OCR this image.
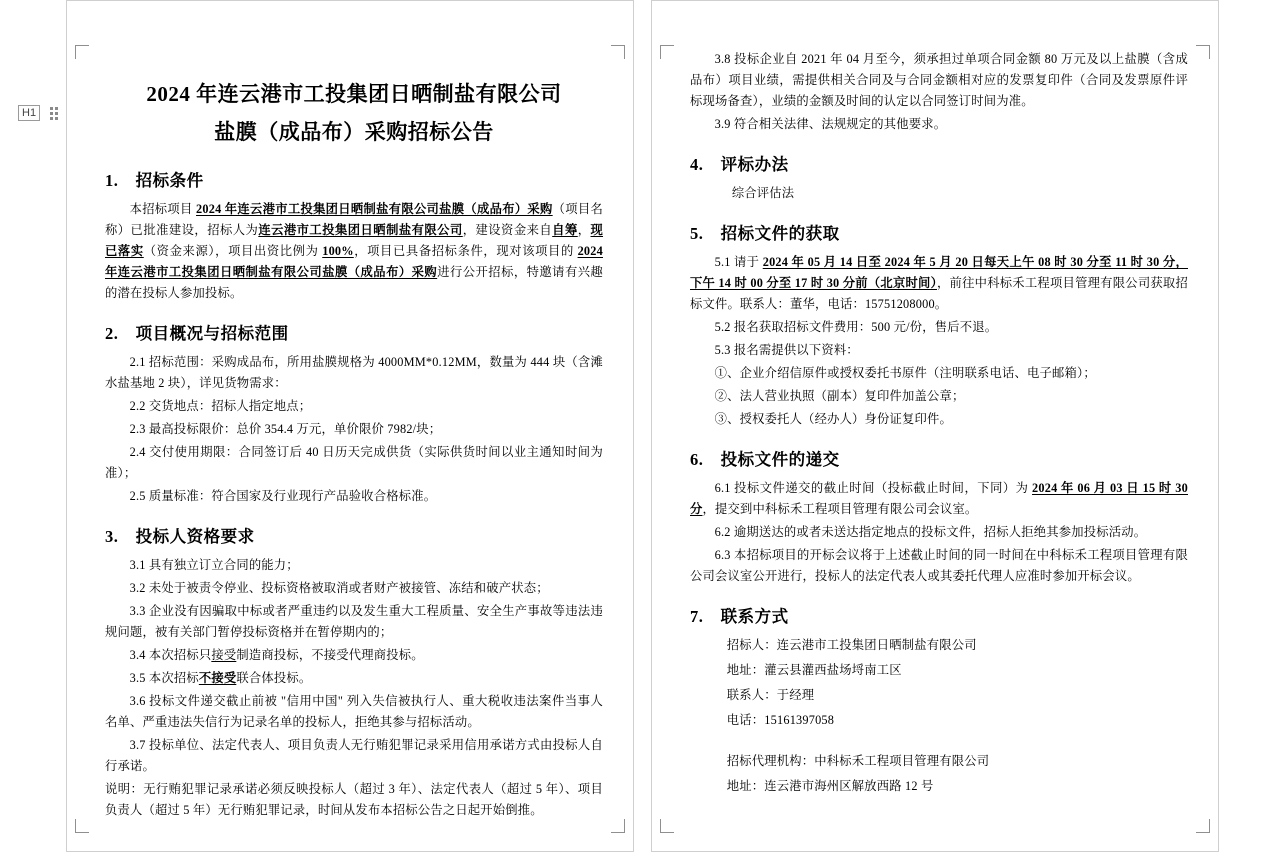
H1
2024 年连云港市工投集团日晒制盐有限公司
盐膜（成品布）采购招标公告
1. 招标条件

本招标项目 2024 年连云港市工投集团日晒制盐有限公司盐膜（成品布）采购（项目名称）已批准建设，招标人为连云港市工投集团日晒制盐有限公司，建设资金来自自筹，现已落实（资金来源），项目出资比例为 100%，项目已具备招标条件，现对该项目的 2024 年连云港市工投集团日晒制盐有限公司盐膜（成品布）采购进行公开招标，特邀请有兴趣的潜在投标人参加投标。

2. 项目概况与招标范围

2.1 招标范围：采购成品布，所用盐膜规格为 4000MM*0.12MM，数量为 444 块（含滩水盐基地 2 块），详见货物需求：

2.2 交货地点：招标人指定地点；

2.3 最高投标限价：总价 354.4 万元，单价限价 7982/块；

2.4 交付使用期限：合同签订后 40 日历天完成供货（实际供货时间以业主通知时间为准）；

2.5 质量标准：符合国家及行业现行产品验收合格标准。

3. 投标人资格要求

3.1 具有独立订立合同的能力；

3.2 未处于被责令停业、投标资格被取消或者财产被接管、冻结和破产状态；

3.3 企业没有因骗取中标或者严重违约以及发生重大工程质量、安全生产事故等违法违规问题，被有关部门暂停投标资格并在暂停期内的；

3.4 本次招标只接受制造商投标，不接受代理商投标。

3.5 本次招标不接受联合体投标。

3.6 投标文件递交截止前被 "信用中国" 列入失信被执行人、重大税收违法案件当事人名单、严重违法失信行为记录名单的投标人，拒绝其参与招标活动。

3.7 投标单位、法定代表人、项目负责人无行贿犯罪记录采用信用承诺方式由投标人自行承诺。

说明：无行贿犯罪记录承诺必须反映投标人（超过 3 年）、法定代表人（超过 5 年）、项目负责人（超过 5 年）无行贿犯罪记录，时间从发布本招标公告之日起开始倒推。

3.8 投标企业自 2021 年 04 月至今，须承担过单项合同金额 80 万元及以上盐膜（含成品布）项目业绩，需提供相关合同及与合同金额相对应的发票复印件（合同及发票原件评标现场备查），业绩的金额及时间的认定以合同签订时间为准。

3.9 符合相关法律、法规规定的其他要求。

4. 评标办法

综合评估法

5. 招标文件的获取

5.1 请于 2024 年 05 月 14 日至 2024 年 5 月 20 日每天上午 08 时 30 分至 11 时 30 分，下午 14 时 00 分至 17 时 30 分前（北京时间），前往中科标禾工程项目管理有限公司获取招标文件。联系人：董华，电话：15751208000。

5.2 报名获取招标文件费用：500 元/份，售后不退。

5.3 报名需提供以下资料：

①、企业介绍信原件或授权委托书原件（注明联系电话、电子邮箱）；

②、法人营业执照（副本）复印件加盖公章；

③、授权委托人（经办人）身份证复印件。

6. 投标文件的递交

6.1 投标文件递交的截止时间（投标截止时间，下同）为 2024 年 06 月 03 日 15 时 30 分，提交到中科标禾工程项目管理有限公司会议室。

6.2 逾期送达的或者未送达指定地点的投标文件，招标人拒绝其参加投标活动。

6.3 本招标项目的开标会议将于上述截止时间的同一时间在中科标禾工程项目管理有限公司会议室公开进行，投标人的法定代表人或其委托代理人应准时参加开标会议。

7. 联系方式

招标人：连云港市工投集团日晒制盐有限公司

地址：灌云县灌西盐场埒南工区

联系人：于经理

电话：15161397058

招标代理机构：中科标禾工程项目管理有限公司

地址：连云港市海州区解放西路 12 号
